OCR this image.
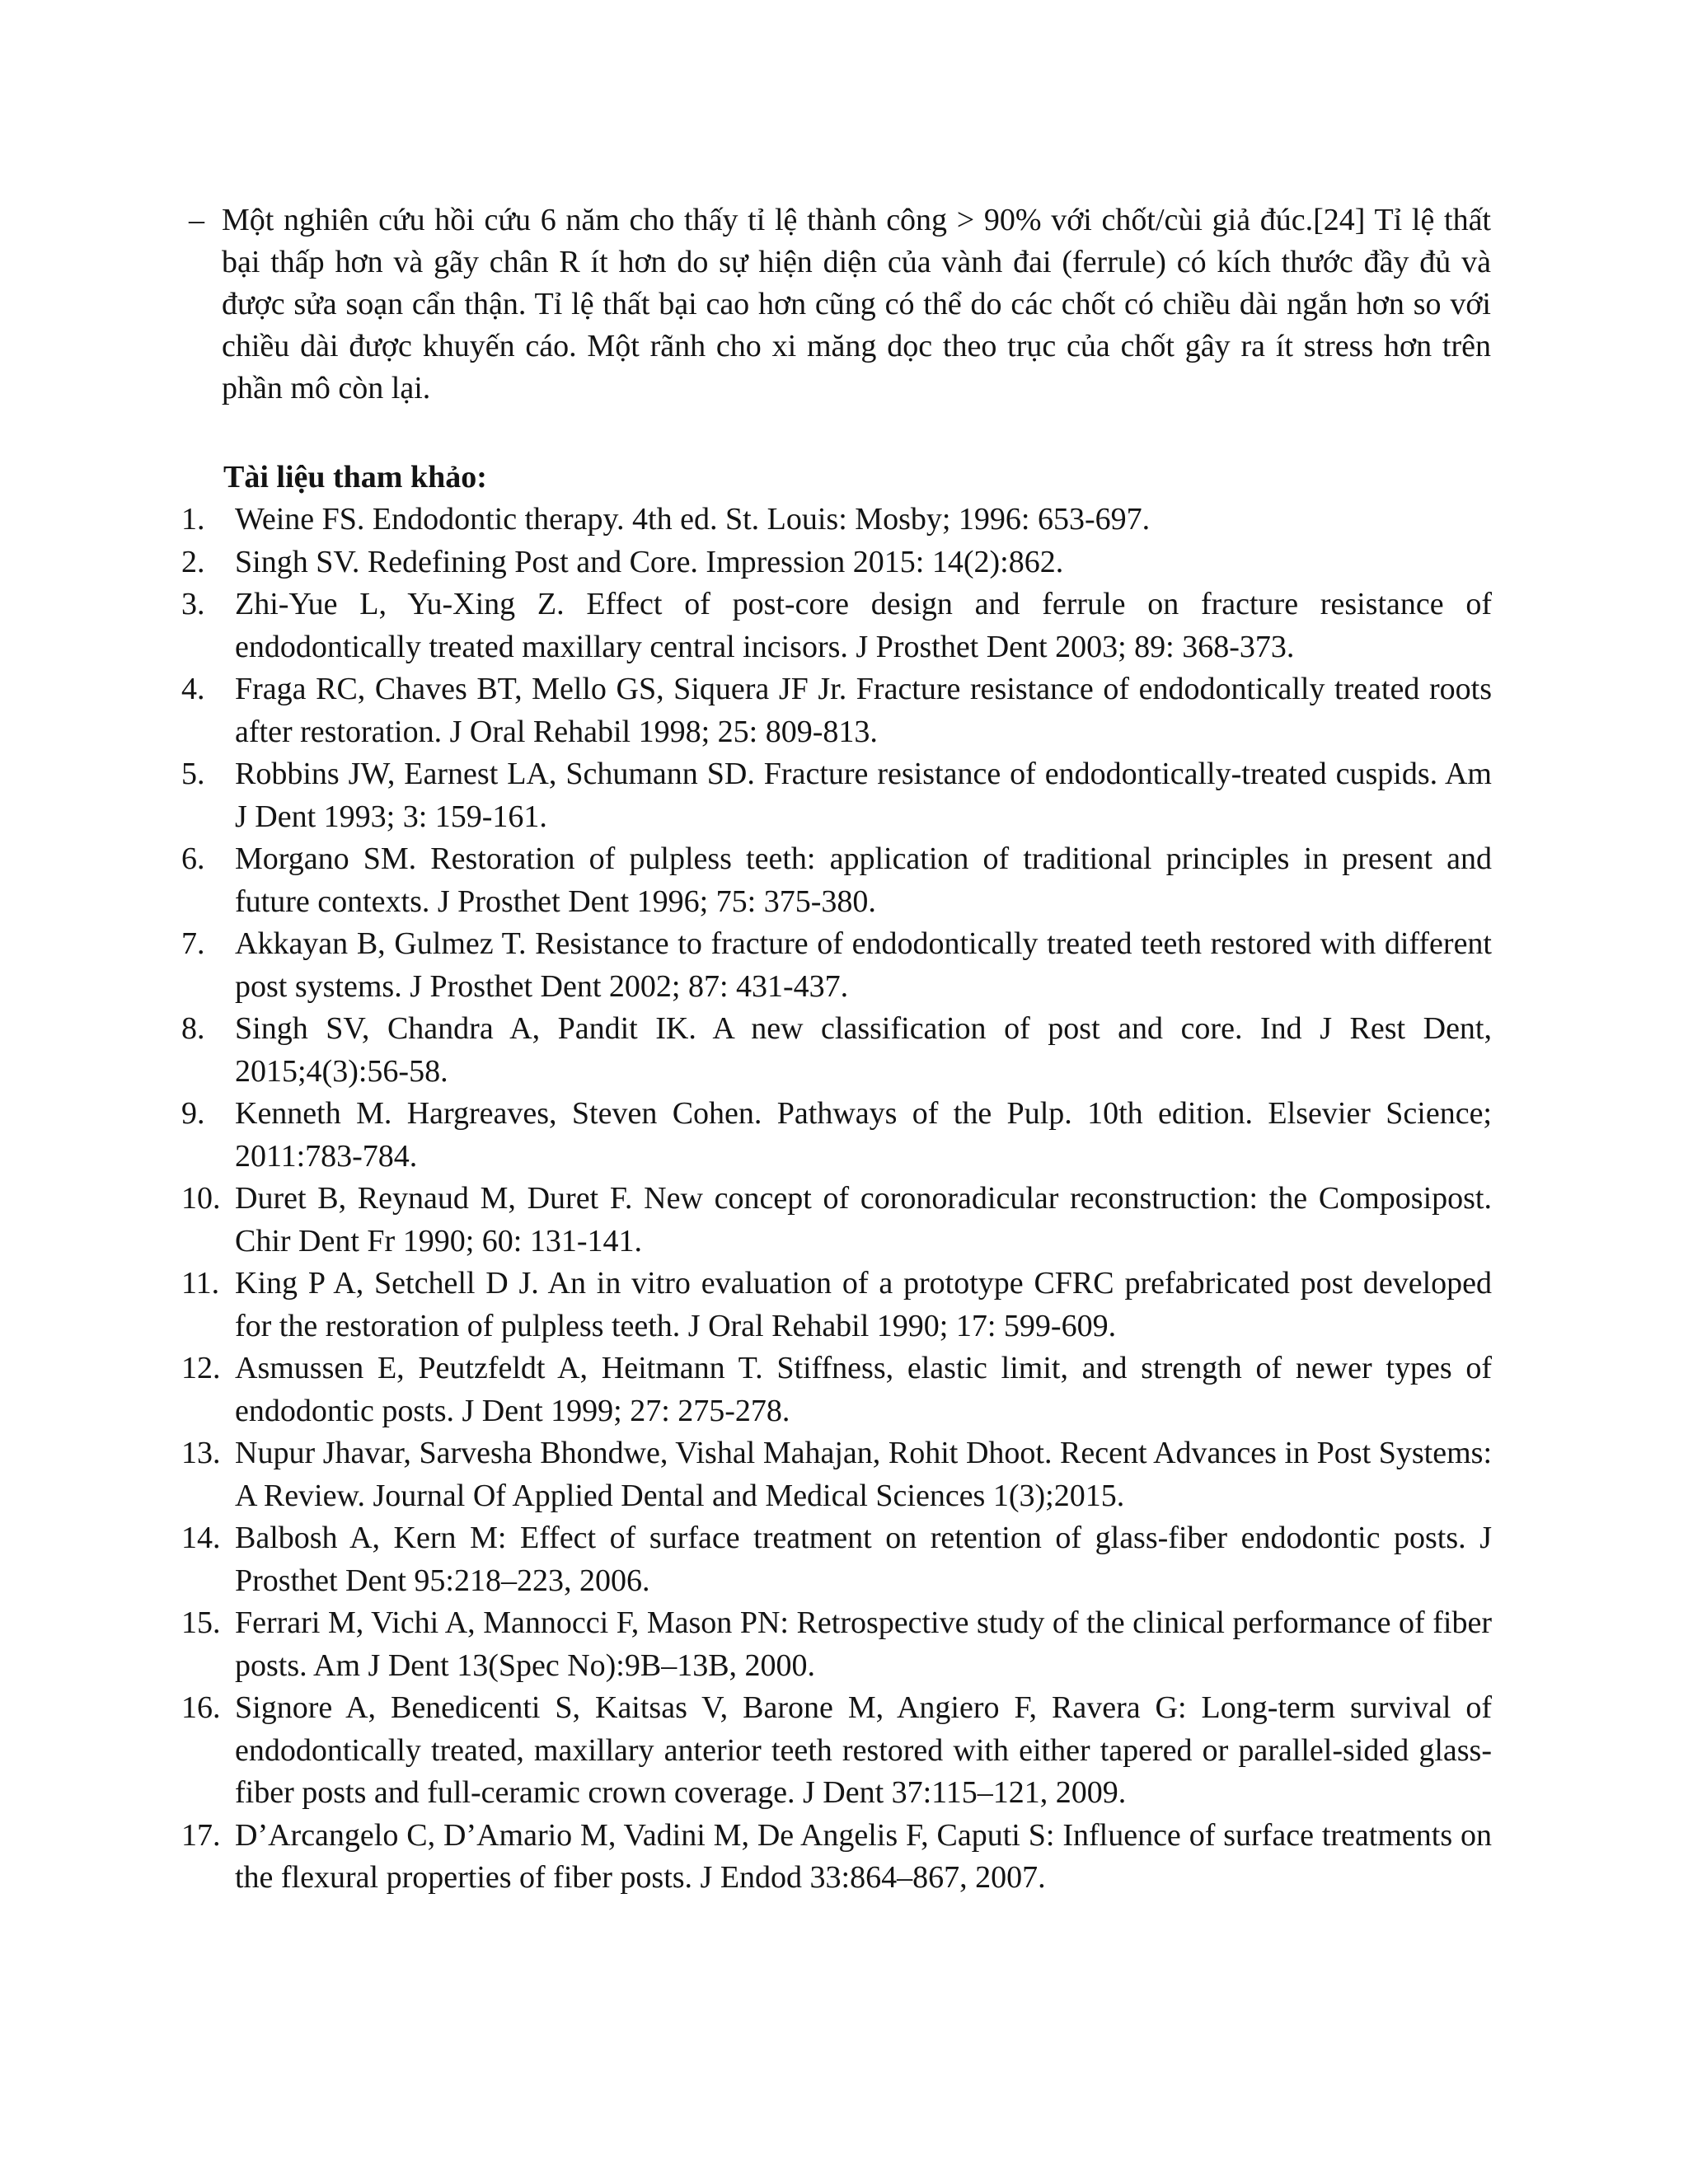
– Một nghiên cứu hồi cứu 6 năm cho thấy tỉ lệ thành công > 90% với chốt/cùi giả đúc.[24] Tỉ lệ thất bại thấp hơn và gãy chân R ít hơn do sự hiện diện của vành đai (ferrule) có kích thước đầy đủ và được sửa soạn cẩn thận. Tỉ lệ thất bại cao hơn cũng có thể do các chốt có chiều dài ngắn hơn so với chiều dài được khuyến cáo. Một rãnh cho xi măng dọc theo trục của chốt gây ra ít stress hơn trên phần mô còn lại.
Tài liệu tham khảo:
1. Weine FS. Endodontic therapy. 4th ed. St. Louis: Mosby; 1996: 653-697.
2. Singh SV. Redefining Post and Core. Impression 2015: 14(2):862.
3. Zhi-Yue L, Yu-Xing Z. Effect of post-core design and ferrule on fracture resistance of endodontically treated maxillary central incisors. J Prosthet Dent 2003; 89: 368-373.
4. Fraga RC, Chaves BT, Mello GS, Siquera JF Jr. Fracture resistance of endodontically treated roots after restoration. J Oral Rehabil 1998; 25: 809-813.
5. Robbins JW, Earnest LA, Schumann SD. Fracture resistance of endodontically-treated cuspids. Am J Dent 1993; 3: 159-161.
6. Morgano SM. Restoration of pulpless teeth: application of traditional principles in present and future contexts. J Prosthet Dent 1996; 75: 375-380.
7. Akkayan B, Gulmez T. Resistance to fracture of endodontically treated teeth restored with different post systems. J Prosthet Dent 2002; 87: 431-437.
8. Singh SV, Chandra A, Pandit IK. A new classification of post and core. Ind J Rest Dent, 2015;4(3):56-58.
9. Kenneth M. Hargreaves, Steven Cohen. Pathways of the Pulp. 10th edition. Elsevier Science; 2011:783-784.
10. Duret B, Reynaud M, Duret F. New concept of coronoradicular reconstruction: the Composipost. Chir Dent Fr 1990; 60: 131-141.
11. King P A, Setchell D J. An in vitro evaluation of a prototype CFRC prefabricated post developed for the restoration of pulpless teeth. J Oral Rehabil 1990; 17: 599-609.
12. Asmussen E, Peutzfeldt A, Heitmann T. Stiffness, elastic limit, and strength of newer types of endodontic posts. J Dent 1999; 27: 275-278.
13. Nupur Jhavar, Sarvesha Bhondwe, Vishal Mahajan, Rohit Dhoot. Recent Advances in Post Systems: A Review. Journal Of Applied Dental and Medical Sciences 1(3);2015.
14. Balbosh A, Kern M: Effect of surface treatment on retention of glass-fiber endodontic posts. J Prosthet Dent 95:218–223, 2006.
15. Ferrari M, Vichi A, Mannocci F, Mason PN: Retrospective study of the clinical performance of fiber posts. Am J Dent 13(Spec No):9B–13B, 2000.
16. Signore A, Benedicenti S, Kaitsas V, Barone M, Angiero F, Ravera G: Long-term survival of endodontically treated, maxillary anterior teeth restored with either tapered or parallel-sided glass-fiber posts and full-ceramic crown coverage. J Dent 37:115–121, 2009.
17. D’Arcangelo C, D’Amario M, Vadini M, De Angelis F, Caputi S: Influence of surface treatments on the flexural properties of fiber posts. J Endod 33:864–867, 2007.
